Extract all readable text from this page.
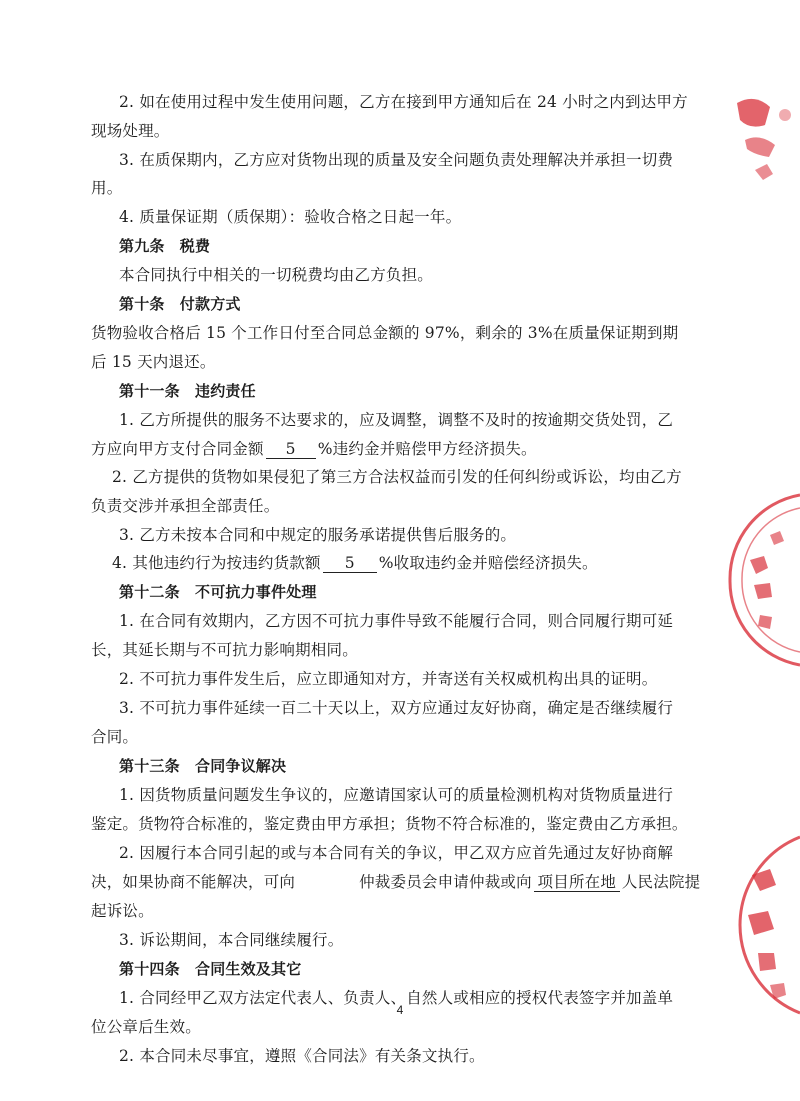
2. 如在使用过程中发生使用问题，乙方在接到甲方通知后在 24 小时之内到达甲方
现场处理。
3. 在质保期内，乙方应对货物出现的质量及安全问题负责处理解决并承担一切费
用。
4. 质量保证期（质保期）：验收合格之日起一年。
第九条　税费
本合同执行中相关的一切税费均由乙方负担。
第十条　付款方式
货物验收合格后 15 个工作日付至合同总金额的 97%，剩余的 3%在质量保证期到期
后 15 天内退还。
第十一条　违约责任
1. 乙方所提供的服务不达要求的，应及调整，调整不及时的按逾期交货处罚，乙
方应向甲方支付合同金额 5 %违约金并赔偿甲方经济损失。
2. 乙方提供的货物如果侵犯了第三方合法权益而引发的任何纠纷或诉讼，均由乙方
负责交涉并承担全部责任。
3. 乙方未按本合同和中规定的服务承诺提供售后服务的。
4. 其他违约行为按违约货款额 5 %收取违约金并赔偿经济损失。
第十二条　不可抗力事件处理
1. 在合同有效期内，乙方因不可抗力事件导致不能履行合同，则合同履行期可延
长，其延长期与不可抗力影响期相同。
2. 不可抗力事件发生后，应立即通知对方，并寄送有关权威机构出具的证明。
3. 不可抗力事件延续一百二十天以上，双方应通过友好协商，确定是否继续履行
合同。
第十三条　合同争议解决
1. 因货物质量问题发生争议的，应邀请国家认可的质量检测机构对货物质量进行
鉴定。货物符合标准的，鉴定费由甲方承担；货物不符合标准的，鉴定费由乙方承担。
2. 因履行本合同引起的或与本合同有关的争议，甲乙双方应首先通过友好协商解
决，如果协商不能解决，可向	仲裁委员会申请仲裁或向 项目所在地 人民法院提
起诉讼。
3. 诉讼期间，本合同继续履行。
第十四条　合同生效及其它
1. 合同经甲乙双方法定代表人、负责人、自然人或相应的授权代表签字并加盖单
位公章后生效。
2. 本合同未尽事宜，遵照《合同法》有关条文执行。
4
